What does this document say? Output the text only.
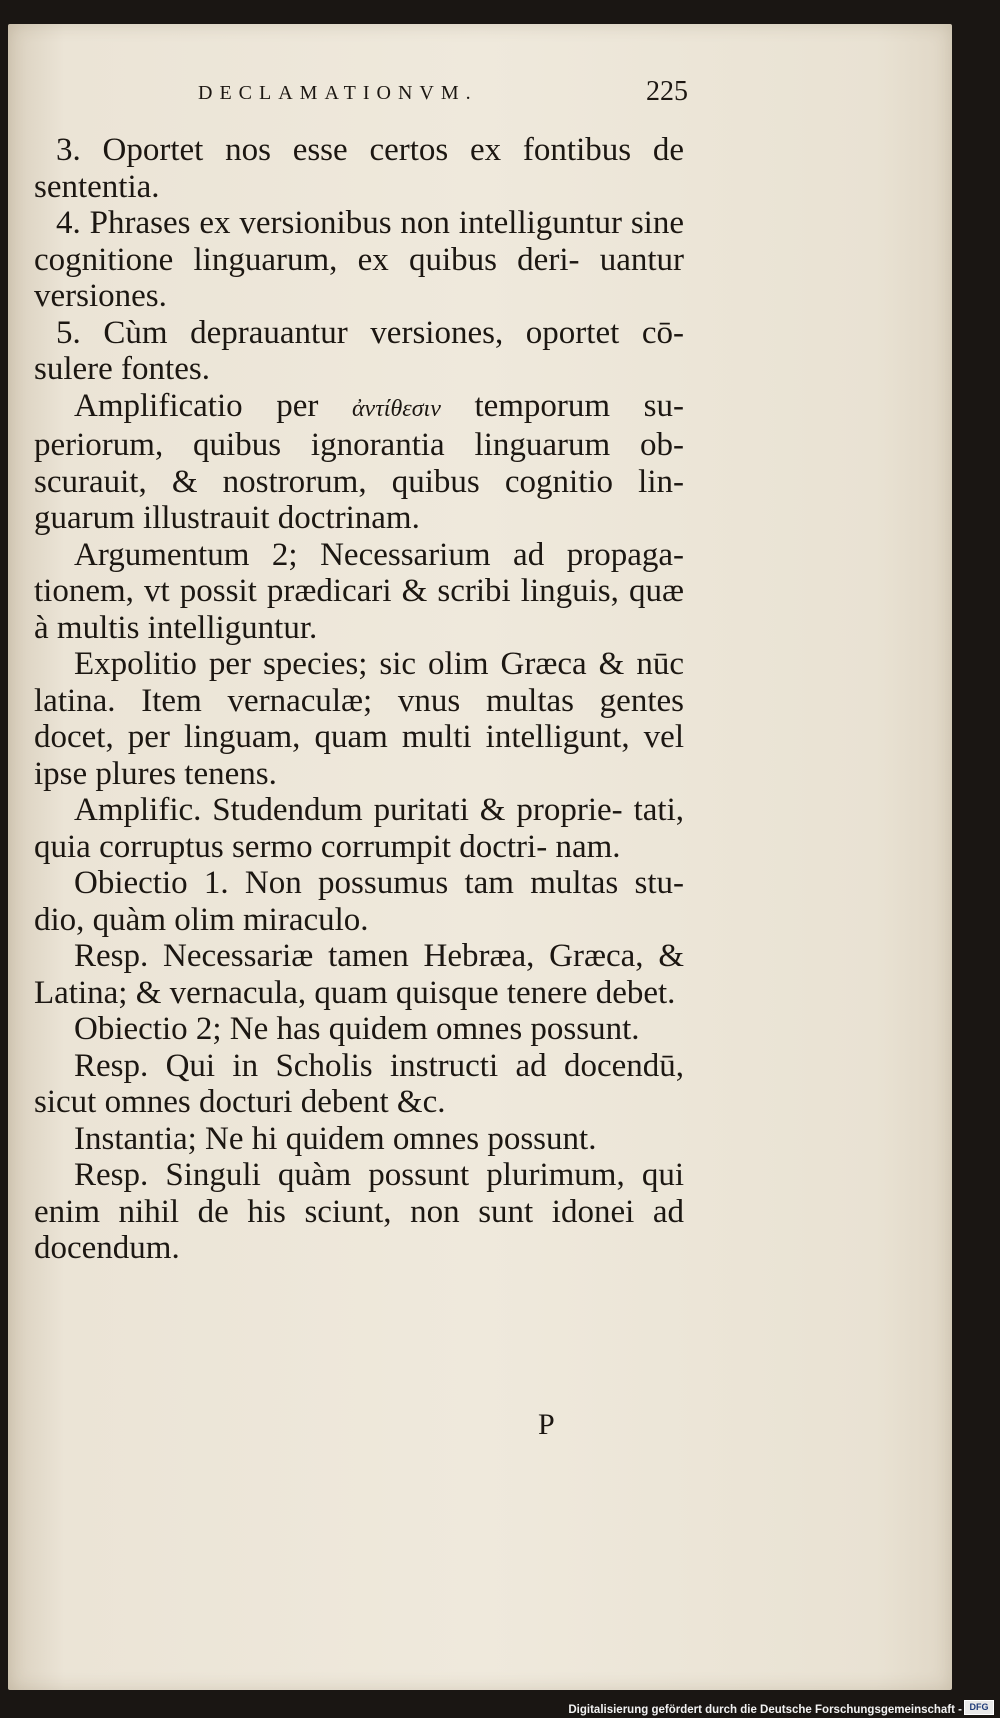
DECLAMATIONVM.	225

3. Oportet nos esse certos ex fontibus de sententia.

4. Phrases ex versionibus non intelliguntur sine cognitione linguarum, ex quibus deri- uantur versiones.

5. Cùm deprauantur versiones, oportet cō- sulere fontes.

Amplificatio per ἀντίθεσιν temporum su- periorum, quibus ignorantia linguarum ob- scurauit, & nostrorum, quibus cognitio lin- guarum illustrauit doctrinam.

Argumentum 2; Necessarium ad propaga- tionem, vt possit prædicari & scribi linguis, quæ à multis intelliguntur.

Expolitio per species; sic olim Græca & nūc latina. Item vernaculæ; vnus multas gentes docet, per linguam, quam multi intelligunt, vel ipse plures tenens.

Amplific. Studendum puritati & proprie- tati, quia corruptus sermo corrumpit doctri- nam.

Obiectio 1. Non possumus tam multas stu- dio, quàm olim miraculo.

Resp. Necessariæ tamen Hebræa, Græca, & Latina; & vernacula, quam quisque tenere debet.

Obiectio 2; Ne has quidem omnes possunt.

Resp. Qui in Scholis instructi ad docendū, sicut omnes docturi debent &c.

Instantia; Ne hi quidem omnes possunt.

Resp. Singuli quàm possunt plurimum, qui enim nihil de his sciunt, non sunt idonei ad docendum.

P
Digitalisierung gefördert durch die Deutsche Forschungsgemeinschaft - DFG
